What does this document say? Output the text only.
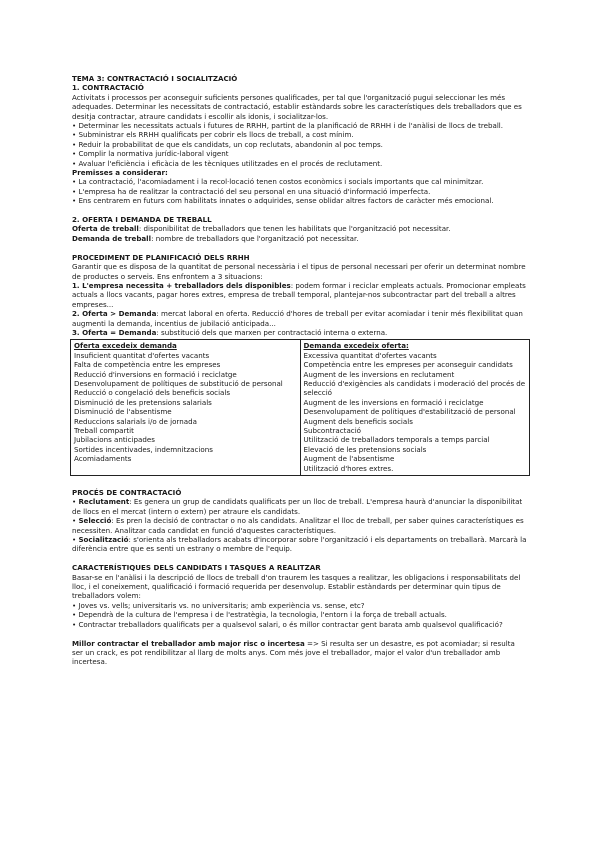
TEMA 3: CONTRACTACIÓ I SOCIALITZACIÓ

1. CONTRACTACIÓ

Activitats i processos per aconseguir suficients persones qualificades, per tal que l'organització pugui seleccionar les més adequades. Determinar les necessitats de contractació, establir estàndards sobre les característiques dels treballadors que es desitja contractar, atraure candidats i escollir als idonis, i socialitzar-los.

• Determinar les necessitats actuals i futures de RRHH, partint de la planificació de RRHH i de l'anàlisi de llocs de treball.

• Subministrar els RRHH qualificats per cobrir els llocs de treball, a cost mínim.

• Reduir la probabilitat de que els candidats, un cop reclutats, abandonin al poc temps.

• Complir la normativa jurídic-laboral vigent

• Avaluar l'eficiència i eficàcia de les tècniques utilitzades en el procés de reclutament.

Premisses a considerar:

• La contractació, l'acomiadament i la recol·locació tenen costos econòmics i socials importants que cal minimitzar.

• L'empresa ha de realitzar la contractació del seu personal en una situació d'informació imperfecta.

• Ens centrarem en futurs com habilitats innates o adquirides, sense oblidar altres factors de caràcter més emocional.

2. OFERTA I DEMANDA DE TREBALL

Oferta de treball: disponibilitat de treballadors que tenen les habilitats que l'organització pot necessitar.

Demanda de treball: nombre de treballadors que l'organització pot necessitar.

PROCEDIMENT DE PLANIFICACIÓ DELS RRHH

Garantir que es disposa de la quantitat de personal necessària i el tipus de personal necessari per oferir un determinat nombre de productes o serveis. Ens enfrontem a 3 situacions:

1. L'empresa necessita + treballadors dels disponibles: podem formar i reciclar empleats actuals. Promocionar empleats actuals a llocs vacants, pagar hores extres, empresa de treball temporal, plantejar-nos subcontractar part del treball a altres empreses...

2. Oferta > Demanda: mercat laboral en oferta. Reducció d'hores de treball per evitar acomiadar i tenir més flexibilitat quan augmenti la demanda, incentius de jubilació anticipada...

3. Oferta = Demanda: substitució dels que marxen per contractació interna o externa.

Oferta excedeix demanda
Insuficient quantitat d'ofertes vacants
Falta de competència entre les empreses
Reducció d'inversions en formació i reciclatge
Desenvolupament de polítiques de substitució de personal
Reducció o congelació dels beneficis socials
Disminució de les pretensions salarials
Disminució de l'absentisme
Reduccions salarials i/o de jornada
Treball compartit
Jubilacions anticipades
Sortides incentivades, indemnitzacions
Acomiadaments

Demanda excedeix oferta:
Excessiva quantitat d'ofertes vacants
Competència entre les empreses per aconseguir candidats
Augment de les inversions en reclutament
Reducció d'exigències als candidats i moderació del procés de selecció
Augment de les inversions en formació i reciclatge
Desenvolupament de polítiques d'estabilització de personal
Augment dels beneficis socials
Subcontractació
Utilització de treballadors temporals a temps parcial
Elevació de les pretensions socials
Augment de l'absentisme
Utilització d'hores extres.

PROCÉS DE CONTRACTACIÓ

• Reclutament: Es genera un grup de candidats qualificats per un lloc de treball. L'empresa haurà d'anunciar la disponibilitat de llocs en el mercat (intern o extern) per atraure els candidats.

• Selecció: Es pren la decisió de contractar o no als candidats. Analitzar el lloc de treball, per saber quines característiques es necessiten. Analitzar cada candidat en funció d'aquestes característiques.

• Socialització: s'orienta als treballadors acabats d'incorporar sobre l'organització i els departaments on treballarà. Marcarà la diferència entre que es senti un estrany o membre de l'equip.

CARACTERÍSTIQUES DELS CANDIDATS I TASQUES A REALITZAR

Basar-se en l'anàlisi i la descripció de llocs de treball d'on traurem les tasques a realitzar, les obligacions i responsabilitats del lloc, i el coneixement, qualificació i formació requerida per desenvolup. Establir estàndards per determinar quin tipus de treballadors volem:

• Joves vs. vells; universitaris vs. no universitaris; amb experiència vs. sense, etc?

• Dependrà de la cultura de l'empresa i de l'estratègia, la tecnologia, l'entorn i la força de treball actuals.

• Contractar treballadors qualificats per a qualsevol salari, o és millor contractar gent barata amb qualsevol qualificació?

Millor contractar el treballador amb major risc o incertesa => Si resulta ser un desastre, es pot acomiadar; si resulta ser un crack, es pot rendibilitzar al llarg de molts anys. Com més jove el treballador, major el valor d'un treballador amb incertesa.
